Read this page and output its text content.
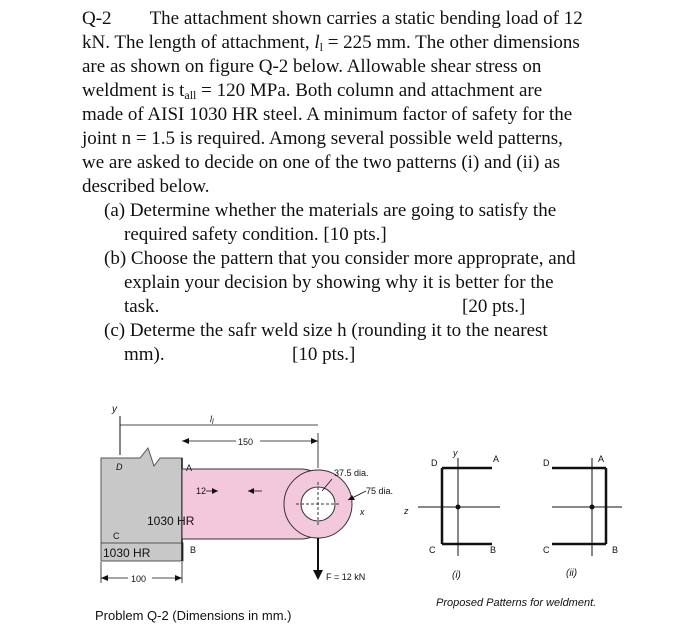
Q-2 The attachment shown carries a static bending load of 12
kN. The length of attachment, $l_l = 225$ mm. The other dimensions
are as shown on figure Q-2 below. Allowable shear stress on
weldment is $t_{all} = 120$ MPa. Both column and attachment are
made of AISI 1030 HR steel. A minimum factor of safety for the
joint n = 1.5 is required. Among several possible weld patterns,
we are asked to decide on one of the two patterns (i) and (ii) as
described below.
(a) Determine whether the materials are going to satisfy the
required safety condition. [10 pts.]
(b) Choose the pattern that you consider more approprate, and
explain your decision by showing why it is better for the
task.	[20 pts.]
(c) Determe the safr weld size h (rounding it to the nearest
mm).	[10 pts.]
y
$l_l$
150
12
D	A
B
C
1030 HR
1030 HR
37.5 dia.
75 dia.
x	z
F = 12 kN
100
y
D	A
B
C
(i)
D	A
B
C
(ii)
Proposed Patterns for weldment.
Problem Q-2 (Dimensions in mm.)
